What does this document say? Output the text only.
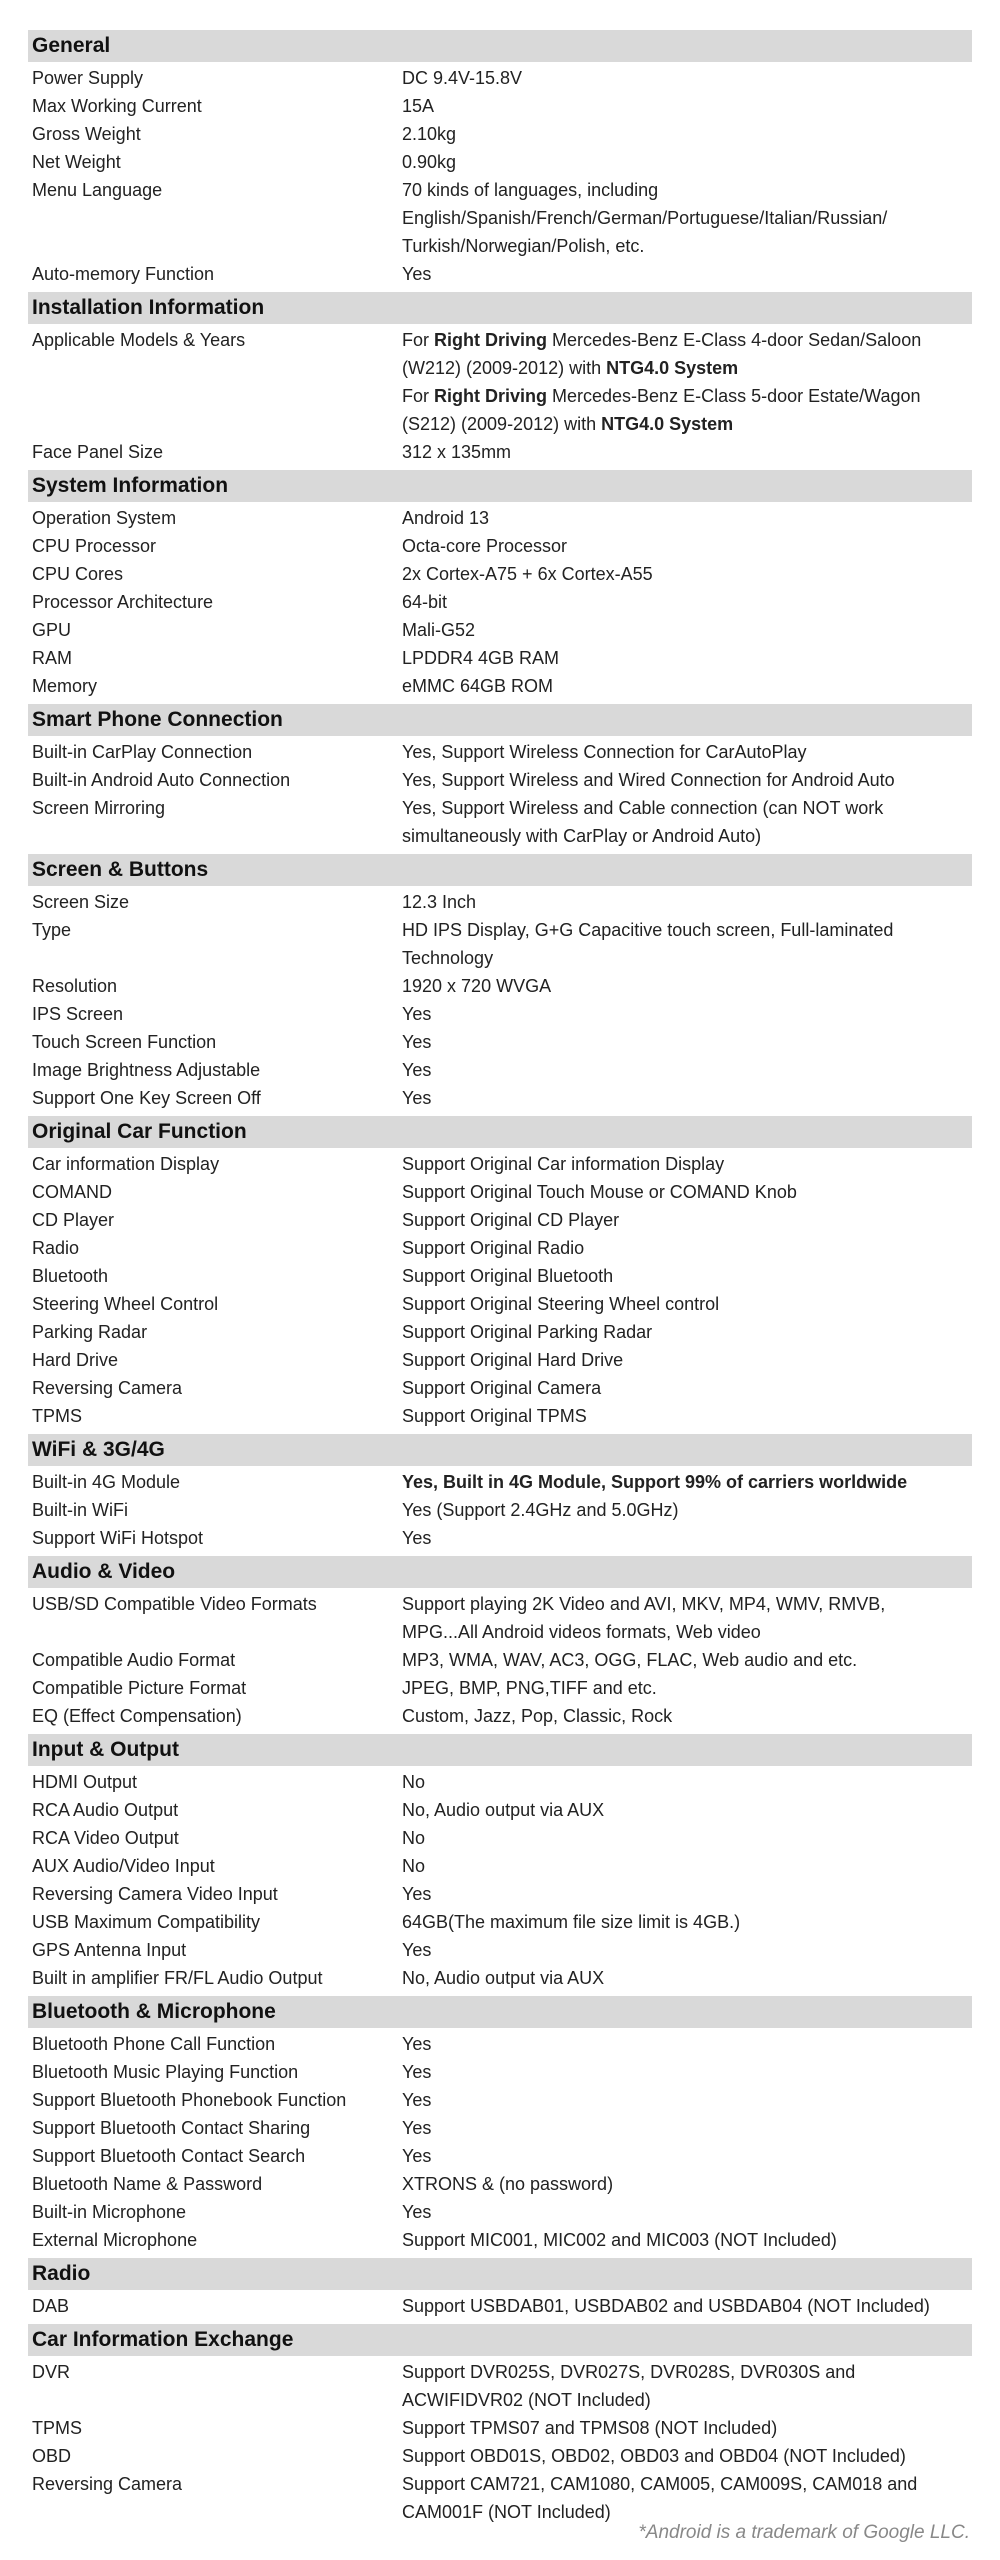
General
Power Supply	DC 9.4V-15.8V
Max Working Current	15A
Gross Weight	2.10kg
Net Weight	0.90kg
Menu Language	70 kinds of languages, including English/Spanish/French/German/Portuguese/Italian/Russian/ Turkish/Norwegian/Polish, etc.
Auto-memory Function	Yes
Installation Information
Applicable Models & Years	For Right Driving Mercedes-Benz E-Class 4-door Sedan/Saloon (W212) (2009-2012) with NTG4.0 System
For Right Driving Mercedes-Benz E-Class 5-door Estate/Wagon (S212) (2009-2012) with NTG4.0 System
Face Panel Size	312 x 135mm
System Information
Operation System	Android 13
CPU Processor	Octa-core Processor
CPU Cores	2x Cortex-A75 + 6x Cortex-A55
Processor Architecture	64-bit
GPU	Mali-G52
RAM	LPDDR4 4GB RAM
Memory	eMMC 64GB ROM
Smart Phone Connection
Built-in CarPlay Connection	Yes, Support Wireless Connection for CarAutoPlay
Built-in Android Auto Connection	Yes, Support Wireless and Wired Connection for Android Auto
Screen Mirroring	Yes, Support Wireless and Cable connection (can NOT work simultaneously with CarPlay or Android Auto)
Screen & Buttons
Screen Size	12.3 Inch
Type	HD IPS Display, G+G Capacitive touch screen, Full-laminated Technology
Resolution	1920 x 720 WVGA
IPS Screen	Yes
Touch Screen Function	Yes
Image Brightness Adjustable	Yes
Support One Key Screen Off	Yes
Original Car Function
Car information Display	Support Original Car information Display
COMAND	Support Original Touch Mouse or COMAND Knob
CD Player	Support Original CD Player
Radio	Support Original Radio
Bluetooth	Support Original Bluetooth
Steering Wheel Control	Support Original Steering Wheel control
Parking Radar	Support Original Parking Radar
Hard Drive	Support Original Hard Drive
Reversing Camera	Support Original Camera
TPMS	Support Original TPMS
WiFi & 3G/4G
Built-in 4G Module	Yes, Built in 4G Module, Support 99% of carriers worldwide
Built-in WiFi	Yes (Support 2.4GHz and 5.0GHz)
Support WiFi Hotspot	Yes
Audio & Video
USB/SD Compatible Video Formats	Support playing 2K Video and AVI, MKV, MP4, WMV, RMVB, MPG...All Android videos formats, Web video
Compatible Audio Format	MP3, WMA, WAV, AC3, OGG, FLAC, Web audio and etc.
Compatible Picture Format	JPEG, BMP, PNG,TIFF and etc.
EQ (Effect Compensation)	Custom, Jazz, Pop, Classic, Rock
Input & Output
HDMI Output	No
RCA Audio Output	No, Audio output via AUX
RCA Video Output	No
AUX Audio/Video Input	No
Reversing Camera Video Input	Yes
USB Maximum Compatibility	64GB(The maximum file size limit is 4GB.)
GPS Antenna Input	Yes
Built in amplifier FR/FL Audio Output	No, Audio output via AUX
Bluetooth & Microphone
Bluetooth Phone Call Function	Yes
Bluetooth Music Playing Function	Yes
Support Bluetooth Phonebook Function	Yes
Support Bluetooth Contact Sharing	Yes
Support Bluetooth Contact Search	Yes
Bluetooth Name & Password	XTRONS & (no password)
Built-in Microphone	Yes
External Microphone	Support MIC001, MIC002 and MIC003 (NOT Included)
Radio
DAB	Support USBDAB01, USBDAB02 and USBDAB04 (NOT Included)
Car Information Exchange
DVR	Support DVR025S, DVR027S, DVR028S, DVR030S and ACWIFIDVR02 (NOT Included)
TPMS	Support TPMS07 and TPMS08 (NOT Included)
OBD	Support OBD01S, OBD02, OBD03 and OBD04 (NOT Included)
Reversing Camera	Support CAM721, CAM1080, CAM005, CAM009S, CAM018 and CAM001F (NOT Included)
*Android is a trademark of Google LLC.
